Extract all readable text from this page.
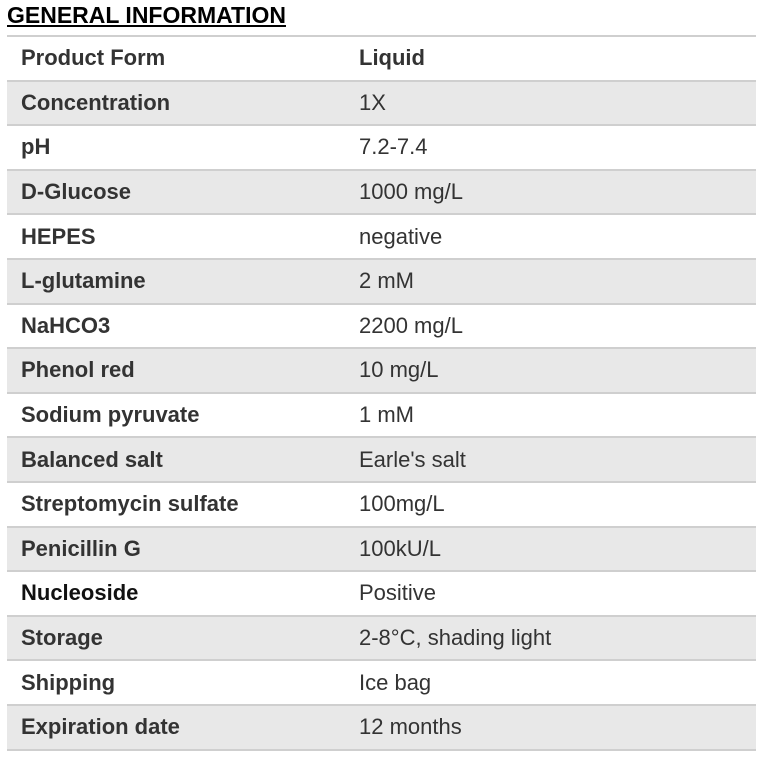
GENERAL INFORMATION
Product Form	Liquid
Concentration	1X
pH	7.2-7.4
D-Glucose	1000 mg/L
HEPES	negative
L-glutamine	2 mM
NaHCO3	2200 mg/L
Phenol red	10 mg/L
Sodium pyruvate	1 mM
Balanced salt	Earle's salt
Streptomycin sulfate	100mg/L
Penicillin G	100kU/L
Nucleoside	Positive
Storage	2-8°C, shading light
Shipping	Ice bag
Expiration date	12 months
